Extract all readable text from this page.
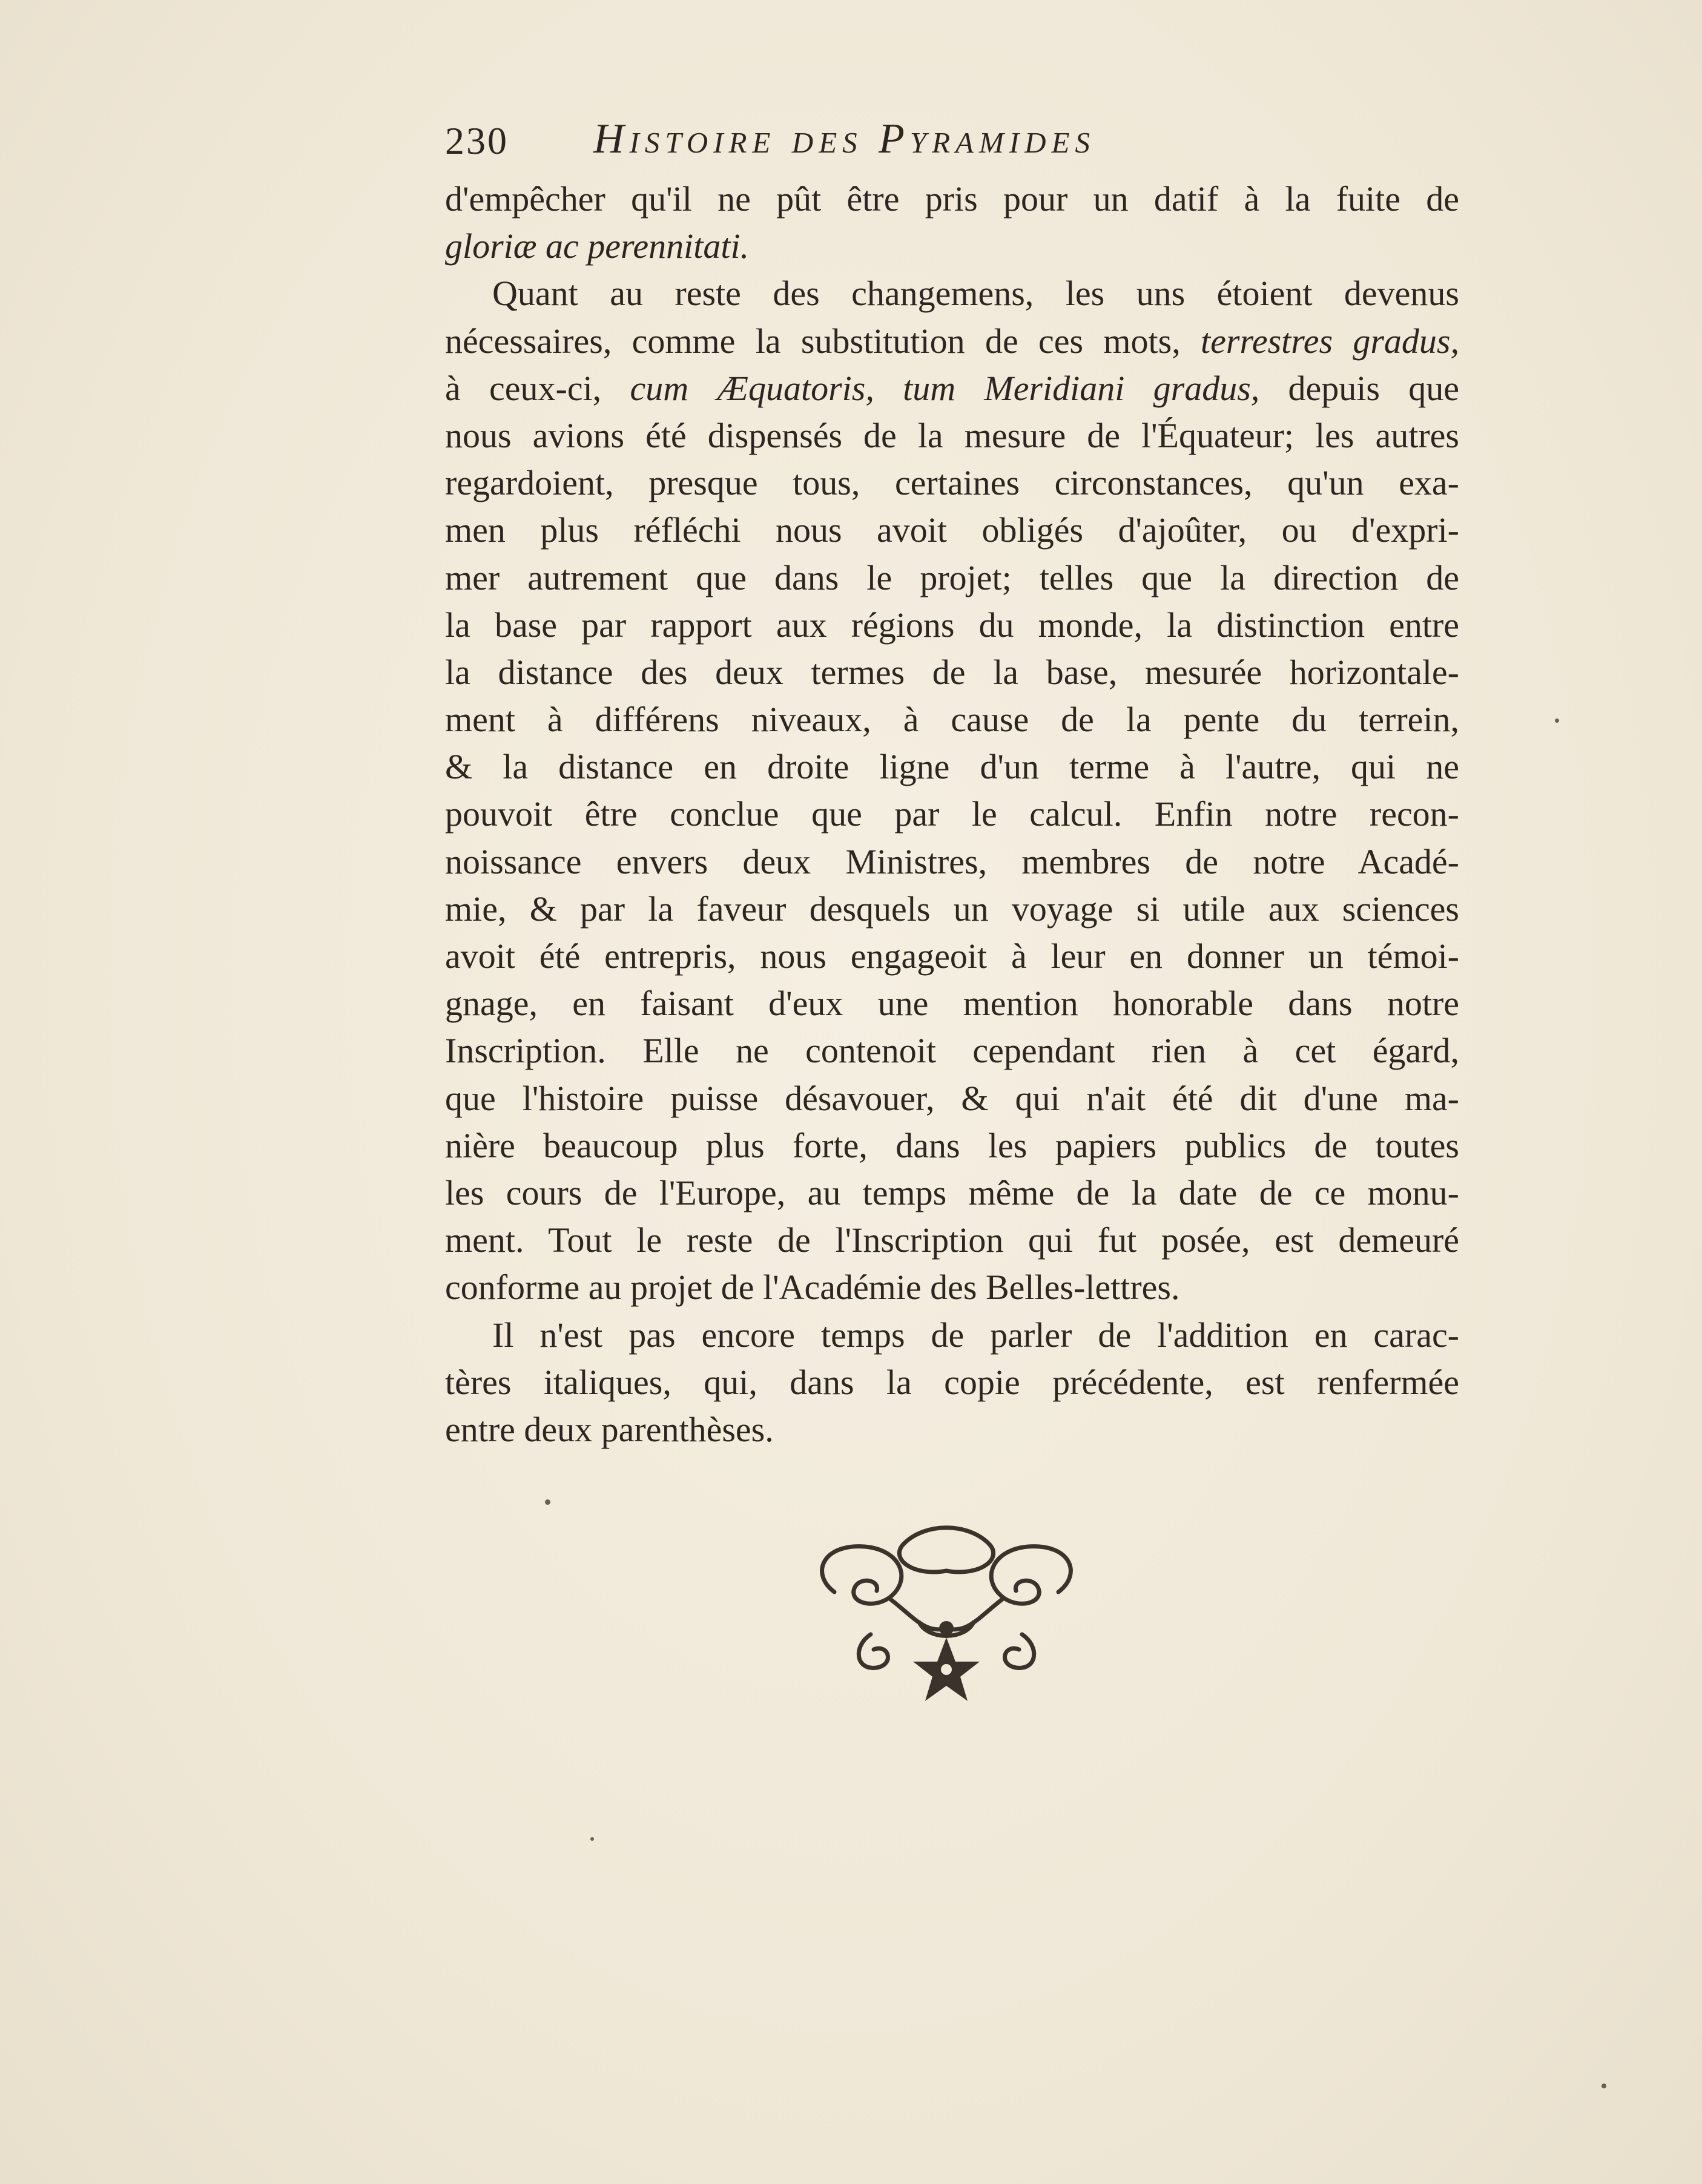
230 Histoire des Pyramides
d'empêcher qu'il ne pût être pris pour un datif à la fuite de
gloriæ ac perennitati.
Quant au reste des changemens, les uns étoient devenus
nécessaires, comme la substitution de ces mots, terrestres gradus,
à ceux-ci, cum Æquatoris, tum Meridiani gradus, depuis que
nous avions été dispensés de la mesure de l'Équateur; les autres
regardoient, presque tous, certaines circonstances, qu'un exa-
men plus réfléchi nous avoit obligés d'ajoûter, ou d'expri-
mer autrement que dans le projet; telles que la direction de
la base par rapport aux régions du monde, la distinction entre
la distance des deux termes de la base, mesurée horizontale-
ment à différens niveaux, à cause de la pente du terrein,
& la distance en droite ligne d'un terme à l'autre, qui ne
pouvoit être conclue que par le calcul. Enfin notre recon-
noissance envers deux Ministres, membres de notre Acadé-
mie, & par la faveur desquels un voyage si utile aux sciences
avoit été entrepris, nous engageoit à leur en donner un témoi-
gnage, en faisant d'eux une mention honorable dans notre
Inscription. Elle ne contenoit cependant rien à cet égard,
que l'histoire puisse désavouer, & qui n'ait été dit d'une ma-
nière beaucoup plus forte, dans les papiers publics de toutes
les cours de l'Europe, au temps même de la date de ce monu-
ment. Tout le reste de l'Inscription qui fut posée, est demeuré
conforme au projet de l'Académie des Belles-lettres.
Il n'est pas encore temps de parler de l'addition en carac-
tères italiques, qui, dans la copie précédente, est renfermée
entre deux parenthèses.
